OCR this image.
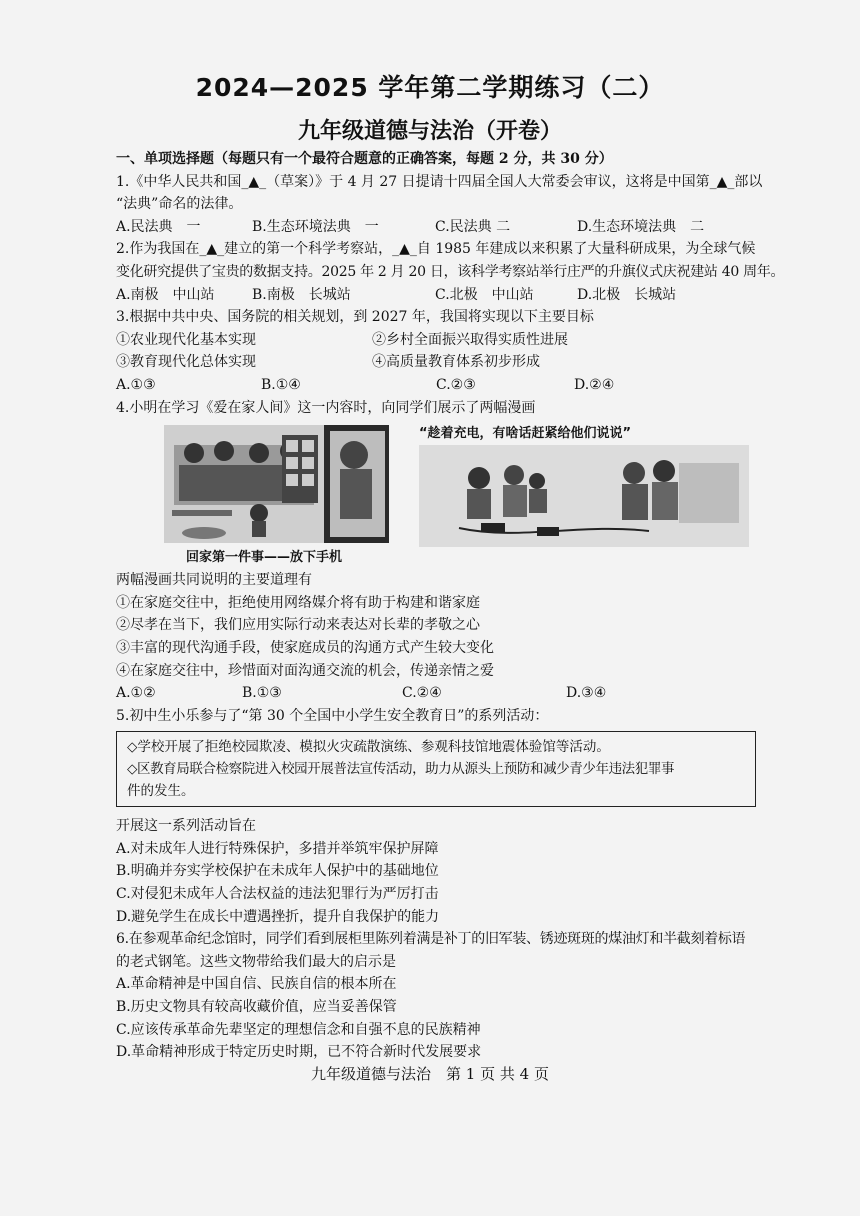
2024—2025 学年第二学期练习（二）
九年级道德与法治（开卷）
一、单项选择题（每题只有一个最符合题意的正确答案，每题 2 分，共 30 分）
1.《中华人民共和国_▲_（草案）》于 4 月 27 日提请十四届全国人大常委会审议，这将是中国第_▲_部以
“法典”命名的法律。
A.民法典　一	B.生态环境法典　一	C.民法典 二	D.生态环境法典　二
2.作为我国在_▲_建立的第一个科学考察站，_▲_自 1985 年建成以来积累了大量科研成果，为全球气候
变化研究提供了宝贵的数据支持。2025 年 2 月 20 日，该科学考察站举行庄严的升旗仪式庆祝建站 40 周年。
A.南极　中山站	B.南极　长城站	C.北极　中山站	D.北极　长城站
3.根据中共中央、国务院的相关规划，到 2027 年，我国将实现以下主要目标
①农业现代化基本实现	②乡村全面振兴取得实质性进展
③教育现代化总体实现	④高质量教育体系初步形成
A.①③	B.①④	C.②③	D.②④
4.小明在学习《爱在家人间》这一内容时，向同学们展示了两幅漫画
回家第一件事——放下手机
“趁着充电，有啥话赶紧给他们说说”
两幅漫画共同说明的主要道理有
①在家庭交往中，拒绝使用网络媒介将有助于构建和谐家庭
②尽孝在当下，我们应用实际行动来表达对长辈的孝敬之心
③丰富的现代沟通手段，使家庭成员的沟通方式产生较大变化
④在家庭交往中，珍惜面对面沟通交流的机会，传递亲情之爱
A.①②	B.①③	C.②④	D.③④
5.初中生小乐参与了“第 30 个全国中小学生安全教育日”的系列活动：
◇学校开展了拒绝校园欺凌、模拟火灾疏散演练、参观科技馆地震体验馆等活动。
◇区教育局联合检察院进入校园开展普法宣传活动，助力从源头上预防和减少青少年违法犯罪事
件的发生。
开展这一系列活动旨在
A.对未成年人进行特殊保护，多措并举筑牢保护屏障
B.明确并夯实学校保护在未成年人保护中的基础地位
C.对侵犯未成年人合法权益的违法犯罪行为严厉打击
D.避免学生在成长中遭遇挫折，提升自我保护的能力
6.在参观革命纪念馆时，同学们看到展柜里陈列着满是补丁的旧军装、锈迹斑斑的煤油灯和半截刻着标语
的老式钢笔。这些文物带给我们最大的启示是
A.革命精神是中国自信、民族自信的根本所在
B.历史文物具有较高收藏价值，应当妥善保管
C.应该传承革命先辈坚定的理想信念和自强不息的民族精神
D.革命精神形成于特定历史时期，已不符合新时代发展要求
九年级道德与法治　第 1 页 共 4 页
